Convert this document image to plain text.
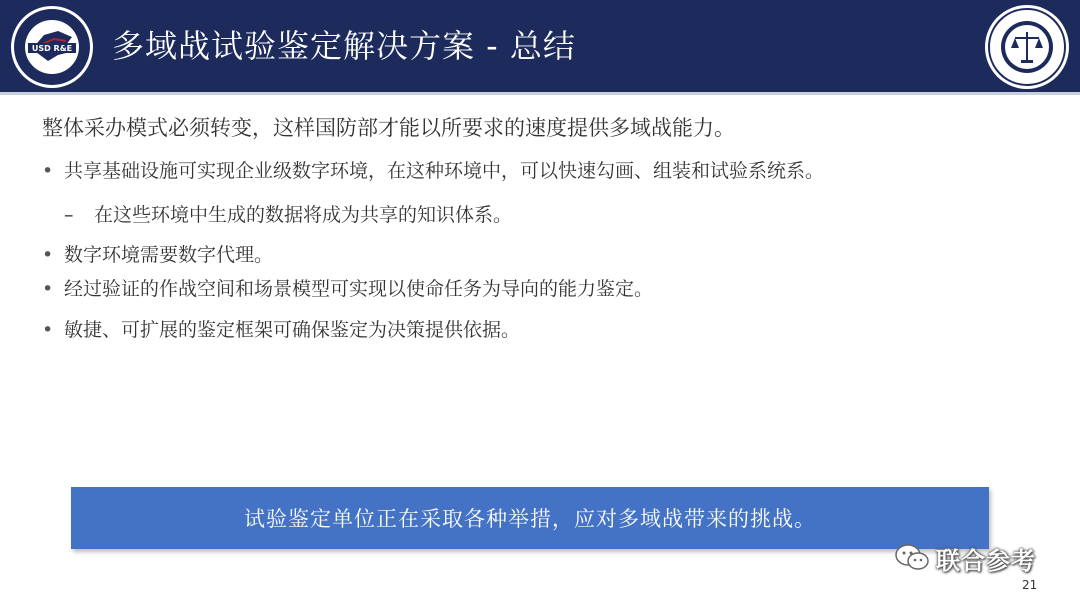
USD R&E 多域战试验鉴定解决方案 - 总结
整体采办模式必须转变，这样国防部才能以所要求的速度提供多域战能力。
• 共享基础设施可实现企业级数字环境，在这种环境中，可以快速勾画、组装和试验系统系。
– 在这些环境中生成的数据将成为共享的知识体系。
• 数字环境需要数字代理。
• 经过验证的作战空间和场景模型可实现以使命任务为导向的能力鉴定。
• 敏捷、可扩展的鉴定框架可确保鉴定为决策提供依据。
试验鉴定单位正在采取各种举措，应对多域战带来的挑战。
联合参考
21
